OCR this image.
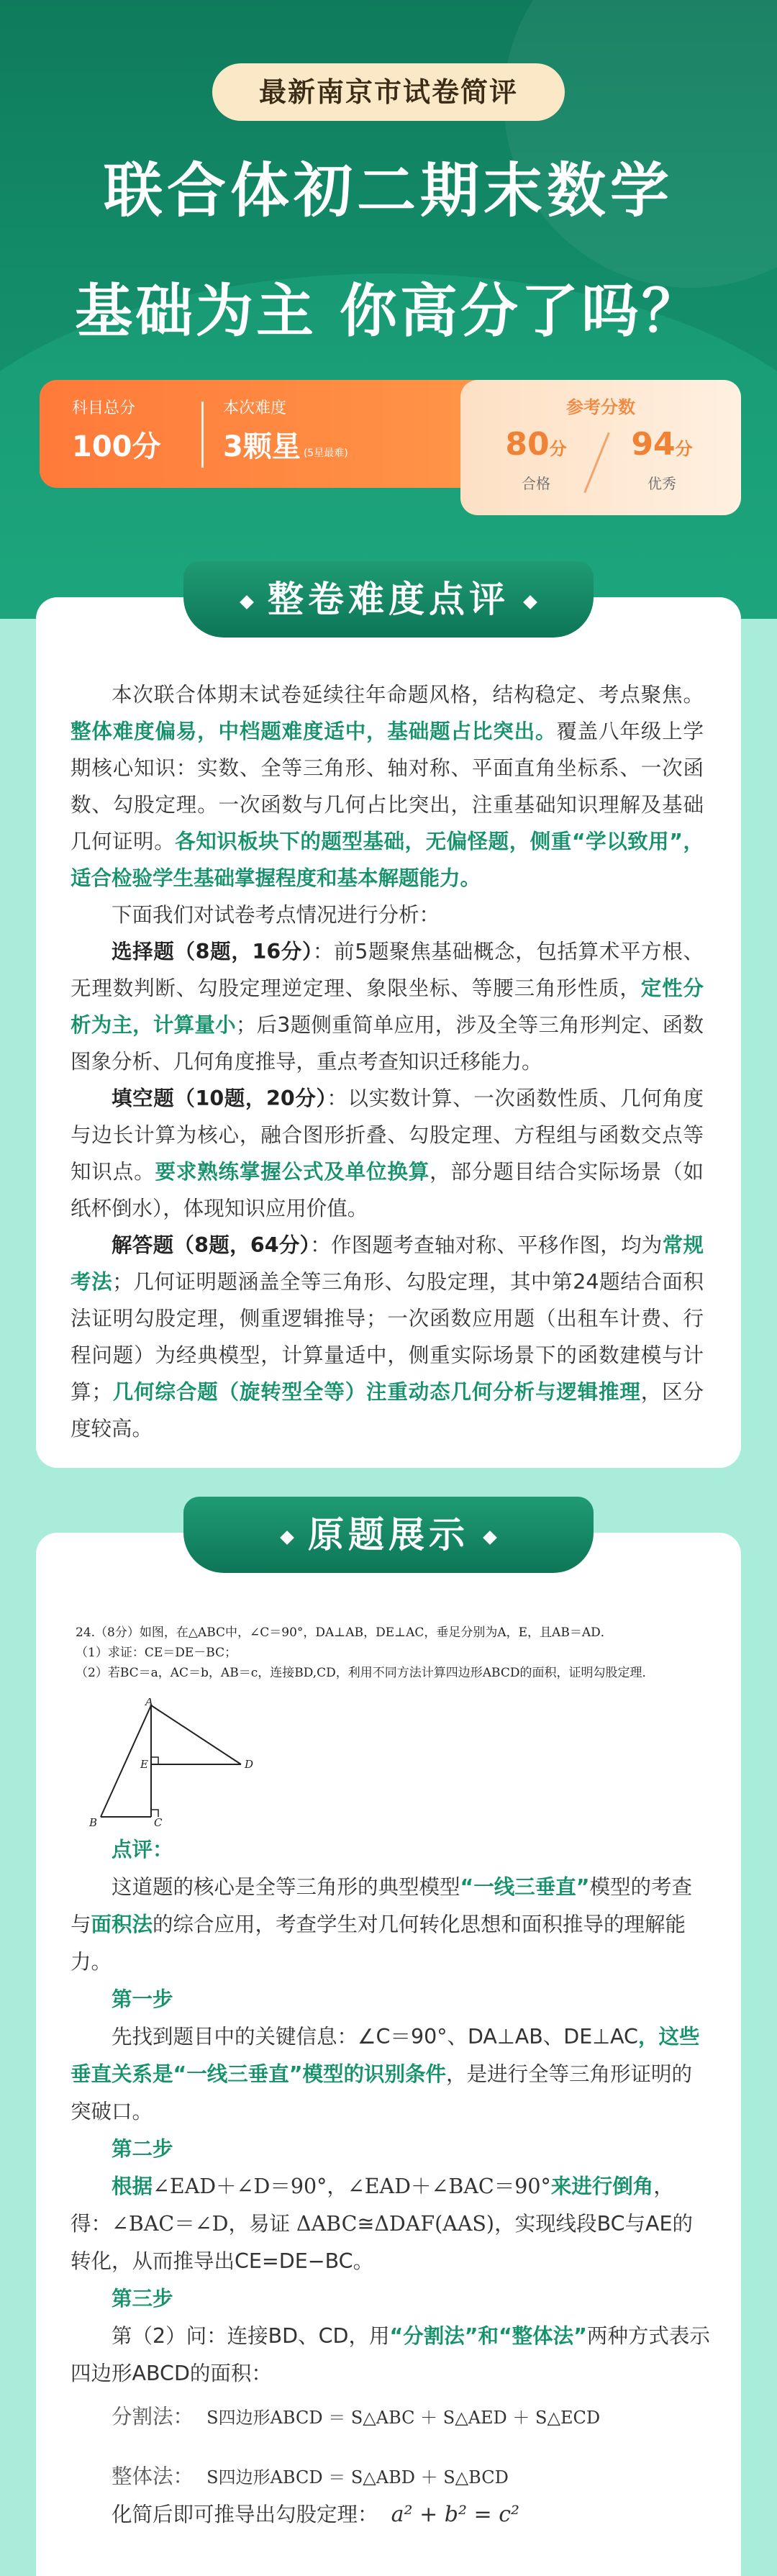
最新南京市试卷简评
联合体初二期末数学
基础为主 你高分了吗？
科目总分
100分
本次难度
3颗星 (5星最难)
参考分数
80分
合格
94分
优秀
整卷难度点评

本次联合体期末试卷延续往年命题风格，结构稳定、考点聚焦。整体难度偏易，中档题难度适中，基础题占比突出。覆盖八年级上学期核心知识：实数、全等三角形、轴对称、平面直角坐标系、一次函数、勾股定理。一次函数与几何占比突出，注重基础知识理解及基础几何证明。各知识板块下的题型基础，无偏怪题，侧重“学以致用”，适合检验学生基础掌握程度和基本解题能力。

下面我们对试卷考点情况进行分析：

选择题（8题，16分）：前5题聚焦基础概念，包括算术平方根、无理数判断、勾股定理逆定理、象限坐标、等腰三角形性质，定性分析为主，计算量小；后3题侧重简单应用，涉及全等三角形判定、函数图象分析、几何角度推导，重点考查知识迁移能力。

填空题（10题，20分）：以实数计算、一次函数性质、几何角度与边长计算为核心，融合图形折叠、勾股定理、方程组与函数交点等知识点。要求熟练掌握公式及单位换算，部分题目结合实际场景（如纸杯倒水），体现知识应用价值。

解答题（8题，64分）：作图题考查轴对称、平移作图，均为常规考法；几何证明题涵盖全等三角形、勾股定理，其中第24题结合面积法证明勾股定理，侧重逻辑推导；一次函数应用题（出租车计费、行程问题）为经典模型，计算量适中，侧重实际场景下的函数建模与计算；几何综合题（旋转型全等）注重动态几何分析与逻辑推理，区分度较高。

原题展示
24.（8分）如图，在△ABC中，∠C＝90°，DA⊥AB，DE⊥AC，垂足分别为A，E，且AB＝AD．
（1）求证：CE＝DE－BC；
（2）若BC＝a，AC＝b，AB＝c，连接BD,CD，利用不同方法计算四边形ABCD的面积，证明勾股定理．
A
B	C
D
E
点评：

这道题的核心是全等三角形的典型模型“一线三垂直”模型的考查与面积法的综合应用，考查学生对几何转化思想和面积推导的理解能力。

第一步

先找到题目中的关键信息：∠C＝90°、DA⊥AB、DE⊥AC，这些垂直关系是“一线三垂直”模型的识别条件，是进行全等三角形证明的突破口。

第二步

根据∠EAD＋∠D＝90°，∠EAD＋∠BAC＝90°来进行倒角，得：∠BAC＝∠D，易证 ΔABC≅ΔDAF(AAS)，实现线段BC与AE的转化，从而推导出CE=DE−BC。

第三步

第（2）问：连接BD、CD，用“分割法”和“整体法”两种方式表示四边形ABCD的面积：

分割法： S四边形ABCD ＝ S△ABC ＋ S△AED ＋ S△ECD

整体法： S四边形ABCD ＝ S△ABD ＋ S△BCD

化简后即可推导出勾股定理： a² + b² = c²
